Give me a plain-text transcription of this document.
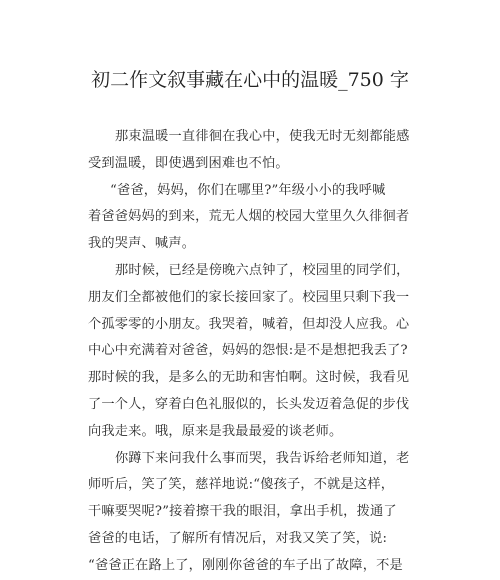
初二作文叙事藏在心中的温暖_750 字
那束温暖一直徘徊在我心中，使我无时无刻都能感
受到温暖，即使遇到困难也不怕。
“爸爸，妈妈，你们在哪里?”年级小小的我呼喊
着爸爸妈妈的到来，荒无人烟的校园大堂里久久徘徊者
我的哭声、喊声。
那时候，已经是傍晚六点钟了，校园里的同学们，
朋友们全都被他们的家长接回家了。校园里只剩下我一
个孤零零的小朋友。我哭着，喊着，但却没人应我。心
中心中充满着对爸爸，妈妈的怨恨:是不是想把我丢了?
那时候的我，是多么的无助和害怕啊。这时候，我看见
了一个人，穿着白色礼服似的，长头发迈着急促的步伐
向我走来。哦，原来是我最最爱的谈老师。
你蹲下来问我什么事而哭，我告诉给老师知道，老
师听后，笑了笑，慈祥地说:“傻孩子，不就是这样，
干嘛要哭呢?”接着擦干我的眼泪，拿出手机，拨通了
爸爸的电话，了解所有情况后，对我又笑了笑，说:
“爸爸正在路上了，刚刚你爸爸的车子出了故障，不是
